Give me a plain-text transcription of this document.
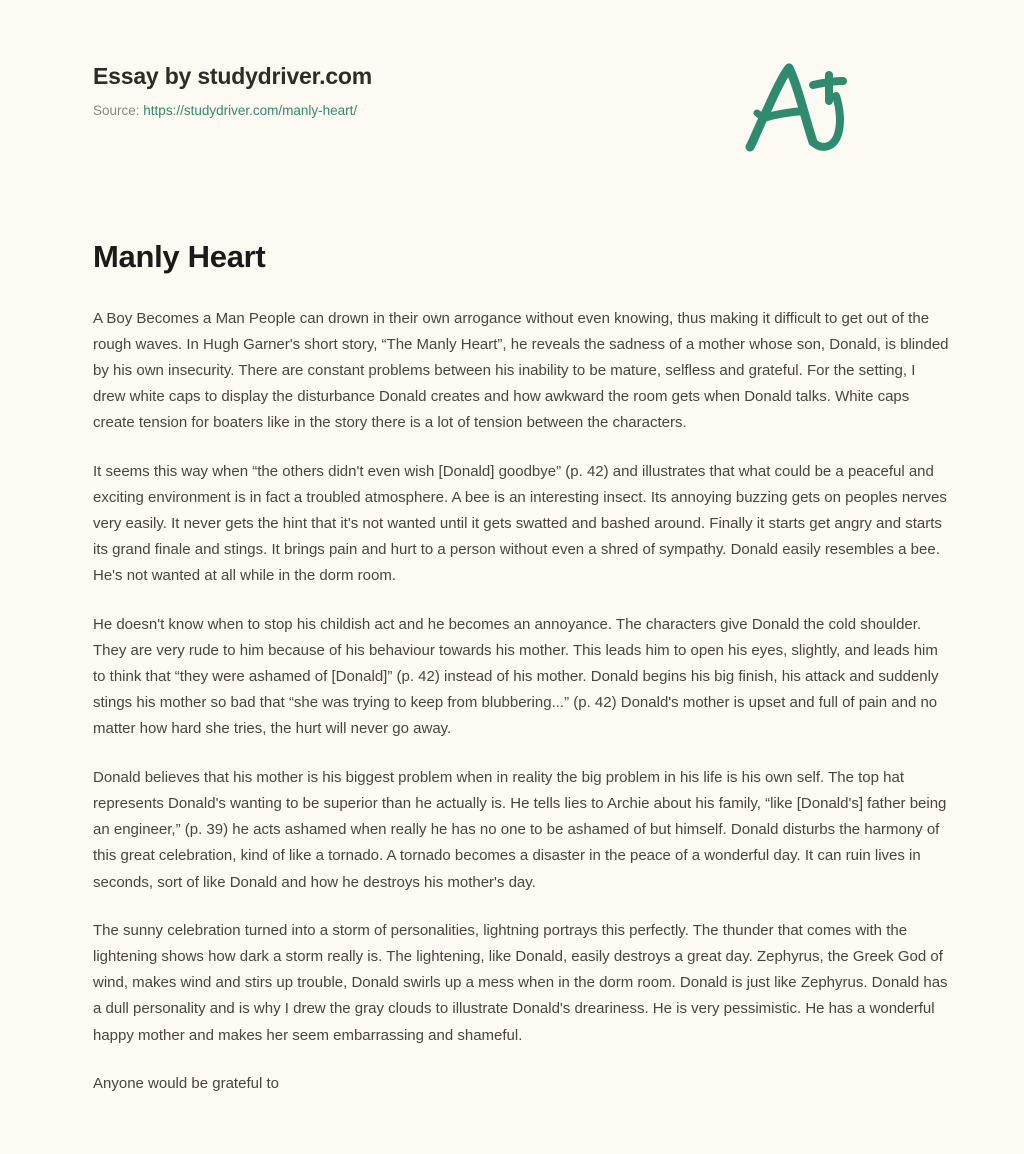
Essay by studydriver.com
Source: https://studydriver.com/manly-heart/
Manly Heart

A Boy Becomes a Man People can drown in their own arrogance without even knowing, thus making it difficult to get out of the rough waves. In Hugh Garner's short story, “The Manly Heart”, he reveals the sadness of a mother whose son, Donald, is blinded by his own insecurity. There are constant problems between his inability to be mature, selfless and grateful. For the setting, I drew white caps to display the disturbance Donald creates and how awkward the room gets when Donald talks. White caps create tension for boaters like in the story there is a lot of tension between the characters.

It seems this way when “the others didn't even wish [Donald] goodbye” (p. 42) and illustrates that what could be a peaceful and exciting environment is in fact a troubled atmosphere. A bee is an interesting insect. Its annoying buzzing gets on peoples nerves very easily. It never gets the hint that it's not wanted until it gets swatted and bashed around. Finally it starts get angry and starts its grand finale and stings. It brings pain and hurt to a person without even a shred of sympathy. Donald easily resembles a bee. He's not wanted at all while in the dorm room.

He doesn't know when to stop his childish act and he becomes an annoyance. The characters give Donald the cold shoulder. They are very rude to him because of his behaviour towards his mother. This leads him to open his eyes, slightly, and leads him to think that “they were ashamed of [Donald]” (p. 42) instead of his mother. Donald begins his big finish, his attack and suddenly stings his mother so bad that “she was trying to keep from blubbering...” (p. 42) Donald's mother is upset and full of pain and no matter how hard she tries, the hurt will never go away.

Donald believes that his mother is his biggest problem when in reality the big problem in his life is his own self. The top hat represents Donald's wanting to be superior than he actually is. He tells lies to Archie about his family, “like [Donald's] father being an engineer,” (p. 39) he acts ashamed when really he has no one to be ashamed of but himself. Donald disturbs the harmony of this great celebration, kind of like a tornado. A tornado becomes a disaster in the peace of a wonderful day. It can ruin lives in seconds, sort of like Donald and how he destroys his mother's day.

The sunny celebration turned into a storm of personalities, lightning portrays this perfectly. The thunder that comes with the lightening shows how dark a storm really is. The lightening, like Donald, easily destroys a great day. Zephyrus, the Greek God of wind, makes wind and stirs up trouble, Donald swirls up a mess when in the dorm room. Donald is just like Zephyrus. Donald has a dull personality and is why I drew the gray clouds to illustrate Donald's dreariness. He is very pessimistic. He has a wonderful happy mother and makes her seem embarrassing and shameful.

Anyone would be grateful to
